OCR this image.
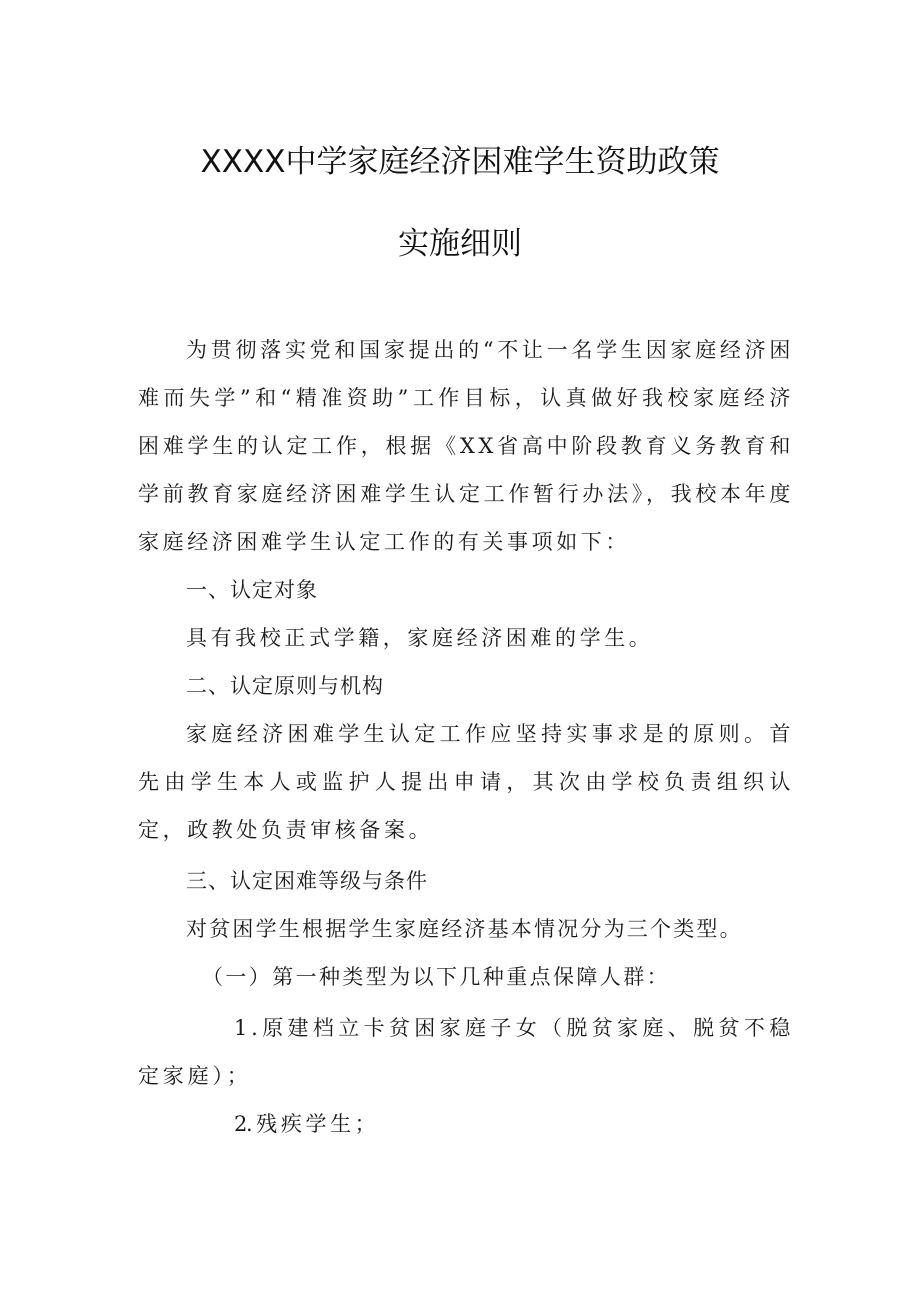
XXXX中学家庭经济困难学生资助政策
实施细则

为贯彻落实党和国家提出的“不让一名学生因家庭经济困难而失学”和“精准资助”工作目标，认真做好我校家庭经济困难学生的认定工作，根据《XX省高中阶段教育义务教育和学前教育家庭经济困难学生认定工作暂行办法》，我校本年度家庭经济困难学生认定工作的有关事项如下：

一、认定对象

具有我校正式学籍，家庭经济困难的学生。

二、认定原则与机构

家庭经济困难学生认定工作应坚持实事求是的原则。首先由学生本人或监护人提出申请，其次由学校负责组织认定，政教处负责审核备案。

三、认定困难等级与条件

对贫困学生根据学生家庭经济基本情况分为三个类型。

（一）第一种类型为以下几种重点保障人群：

1.原建档立卡贫困家庭子女（脱贫家庭、脱贫不稳定家庭）；

2.残疾学生；
